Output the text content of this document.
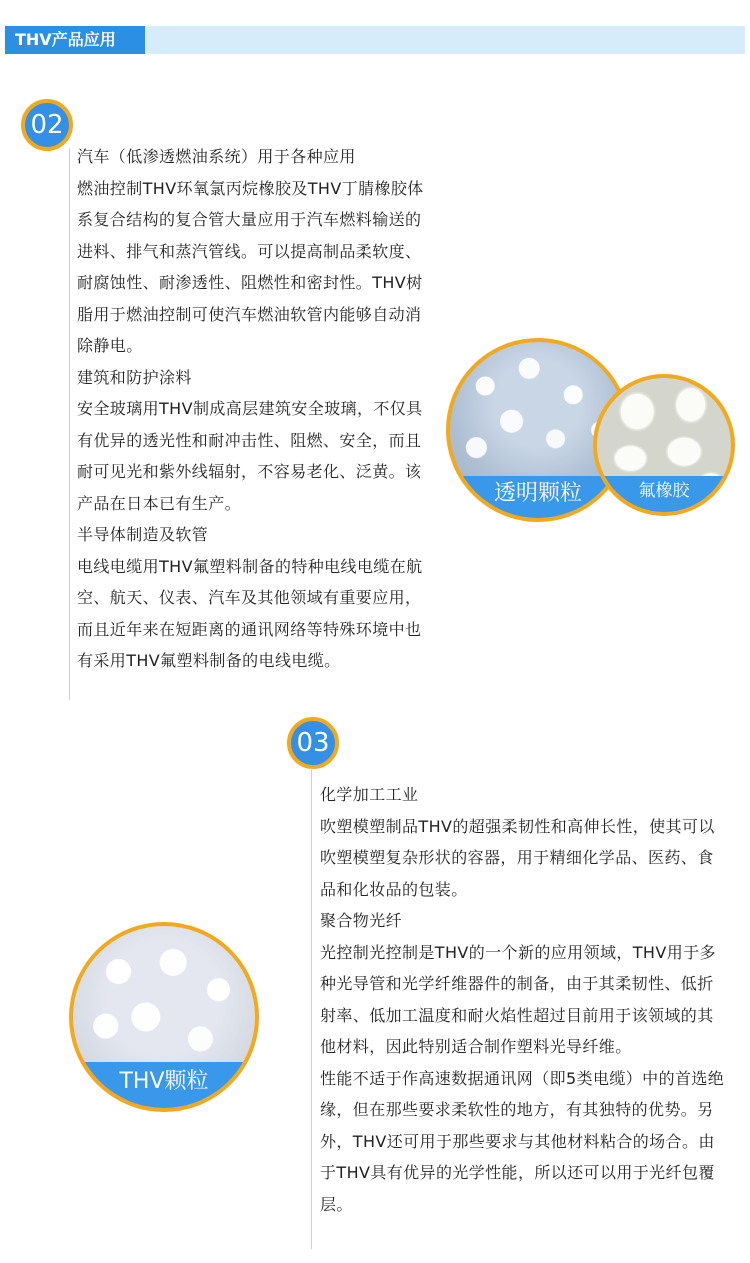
THV产品应用
02

汽车（低渗透燃油系统）用于各种应用

燃油控制THV环氧氯丙烷橡胶及THV丁腈橡胶体系复合结构的复合管大量应用于汽车燃料输送的进料、排气和蒸汽管线。可以提高制品柔软度、耐腐蚀性、耐渗透性、阻燃性和密封性。THV树脂用于燃油控制可使汽车燃油软管内能够自动消除静电。

建筑和防护涂料

安全玻璃用THV制成高层建筑安全玻璃，不仅具有优异的透光性和耐冲击性、阻燃、安全，而且耐可见光和紫外线辐射，不容易老化、泛黄。该产品在日本已有生产。

半导体制造及软管

电线电缆用THV氟塑料制备的特种电线电缆在航空、航天、仪表、汽车及其他领域有重要应用，而且近年来在短距离的通讯网络等特殊环境中也有采用THV氟塑料制备的电线电缆。

透明颗粒	氟橡胶
03

化学加工工业

吹塑模塑制品THV的超强柔韧性和高伸长性，使其可以吹塑模塑复杂形状的容器，用于精细化学品、医药、食品和化妆品的包装。

聚合物光纤

光控制光控制是THV的一个新的应用领域，THV用于多种光导管和光学纤维器件的制备，由于其柔韧性、低折射率、低加工温度和耐火焰性超过目前用于该领域的其他材料，因此特别适合制作塑料光导纤维。

性能不适于作高速数据通讯网（即5类电缆）中的首选绝缘，但在那些要求柔软性的地方，有其独特的优势。另外，THV还可用于那些要求与其他材料粘合的场合。由于THV具有优异的光学性能，所以还可以用于光纤包覆层。

THV颗粒
